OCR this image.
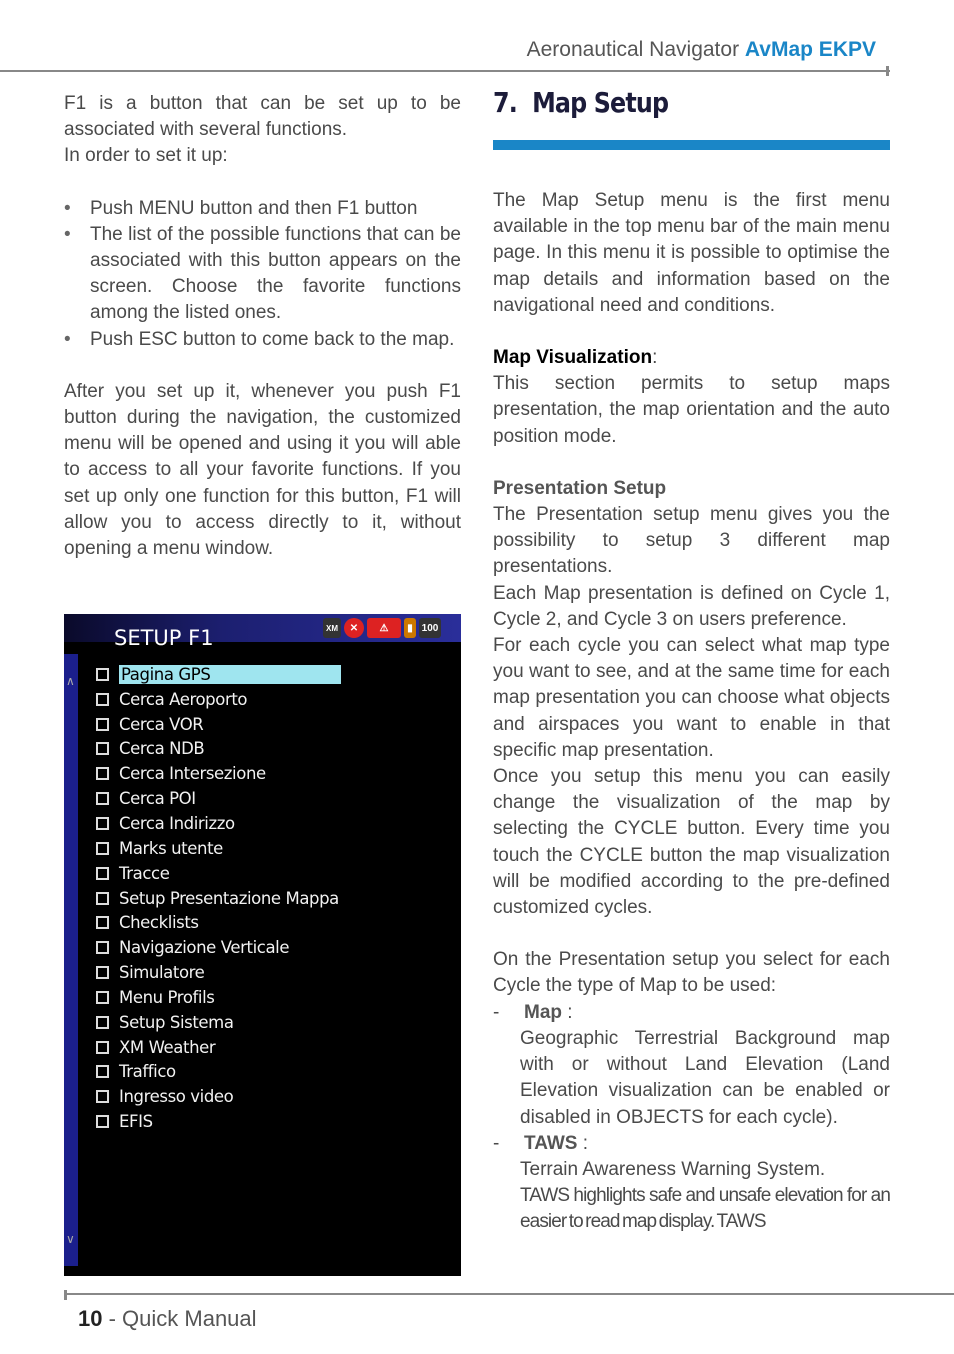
Aeronautical Navigator AvMap EKPV

F1 is a button that can be set up to be associated with several functions.

In order to set it up:

• Push MENU button and then F1 button
• The list of the possible functions that can be associated with this button appears on the screen. Choose the favorite functions among the listed ones.
• Push ESC button to come back to the map.

After you set up it, whenever you push F1 button during the navigation, the customized menu will be opened and using it you will able to access to all your favorite functions. If you set up only one function for this button, F1 will allow you to access directly to it, without opening a menu window.

SETUP F1	XM	✕	⚠	▮ 100
∧
∨
Pagina GPS
Cerca Aeroporto
Cerca VOR
Cerca NDB
Cerca Intersezione
Cerca POI
Cerca Indirizzo
Marks utente
Tracce
Setup Presentazione Mappa
Checklists
Navigazione Verticale
Simulatore
Menu Profils
Setup Sistema
XM Weather
Traffico
Ingresso video
EFIS
7. Map Setup

The Map Setup menu is the first menu available in the top menu bar of the main menu page. In this menu it is possible to optimise the map details and information based on the navigational need and conditions.

Map Visualization:

This section permits to setup maps presentation, the map orientation and the auto position mode.

Presentation Setup

The Presentation setup menu gives you the possibility to setup 3 different map presentations.

Each Map presentation is defined on Cycle 1, Cycle 2, and Cycle 3 on users preference.

For each cycle you can select what map type you want to see, and at the same time for each map presentation you can choose what objects and airspaces you want to enable in that specific map presentation.

Once you setup this menu you can easily change the visualization of the map by selecting the CYCLE button. Every time you touch the CYCLE button the map visualization will be modified according to the pre-defined customized cycles.

On the Presentation setup you select for each Cycle the type of Map to be used:

- Map :

Geographic Terrestrial Background map with or without Land Elevation (Land Elevation visualization can be enabled or disabled in OBJECTS for each cycle).

- TAWS :

Terrain Awareness Warning System.

TAWS highlights safe and unsafe elevation for an easier to read map display. TAWS

10 - Quick Manual
